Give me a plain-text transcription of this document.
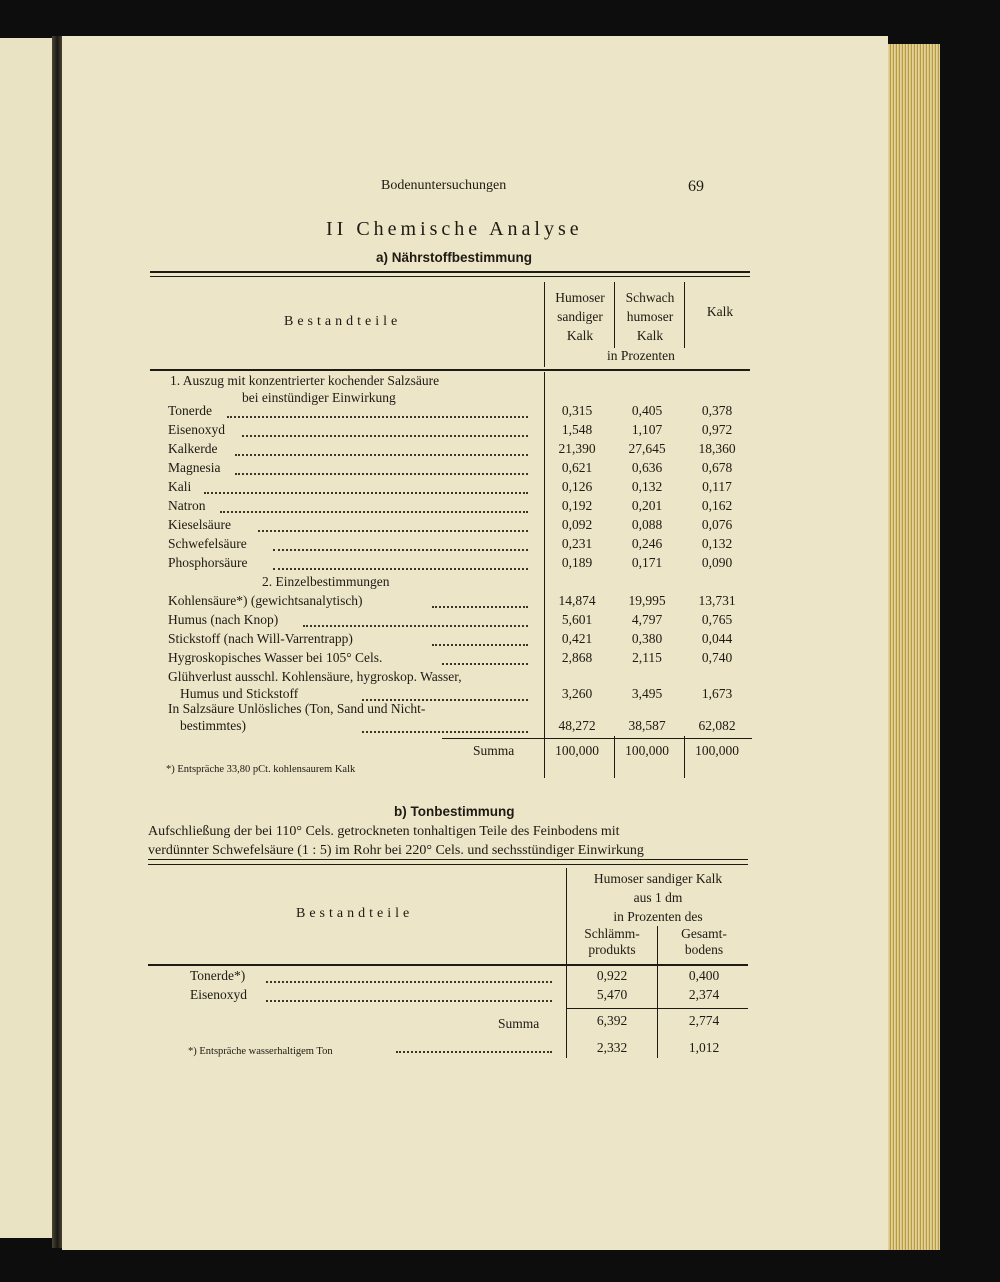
Bodenuntersuchungen	69
II Chemische Analyse
a) Nährstoffbestimmung
Bestandteile
Humoser
sandiger
Kalk
Schwach
humoser
Kalk
Kalk
in Prozenten
1. Auszug mit konzentrierter kochender Salzsäure
bei einstündiger Einwirkung
Tonerde	0,315	0,405	0,378
Eisenoxyd	1,548	1,107	0,972
Kalkerde	21,390	27,645	18,360
Magnesia	0,621	0,636	0,678
Kali	0,126	0,132	0,117
Natron	0,192	0,201	0,162
Kieselsäure	0,092	0,088	0,076
Schwefelsäure	0,231	0,246	0,132
Phosphorsäure	0,189	0,171	0,090
Kohlensäure*) (gewichtsanalytisch)	14,874	19,995	13,731
Humus (nach Knop)	5,601	4,797	0,765
Stickstoff (nach Will-Varrentrapp)	0,421	0,380	0,044
Hygroskopisches Wasser bei 105° Cels.	2,868	2,115	0,740
Glühverlust ausschl. Kohlensäure, hygroskop. Wasser,
Humus und Stickstoff	3,260	3,495	1,673
In Salzsäure Unlösliches (Ton, Sand und Nicht-
bestimmtes)	48,272	38,587	62,082
2. Einzelbestimmungen
Summa	100,000	100,000	100,000
*) Entspräche 33,80 pCt. kohlensaurem Kalk
b) Tonbestimmung
Aufschließung der bei 110° Cels. getrockneten tonhaltigen Teile des Feinbodens mit
verdünnter Schwefelsäure (1 : 5) im Rohr bei 220° Cels. und sechsstündiger Einwirkung
Bestandteile
Humoser sandiger Kalk
aus 1 dm
in Prozenten des
Schlämm-
produkts
Gesamt-
bodens
Tonerde*)	0,922	0,400
Eisenoxyd	5,470	2,374
Summa	6,392	2,774
*) Entspräche wasserhaltigem Ton	2,332	1,012
